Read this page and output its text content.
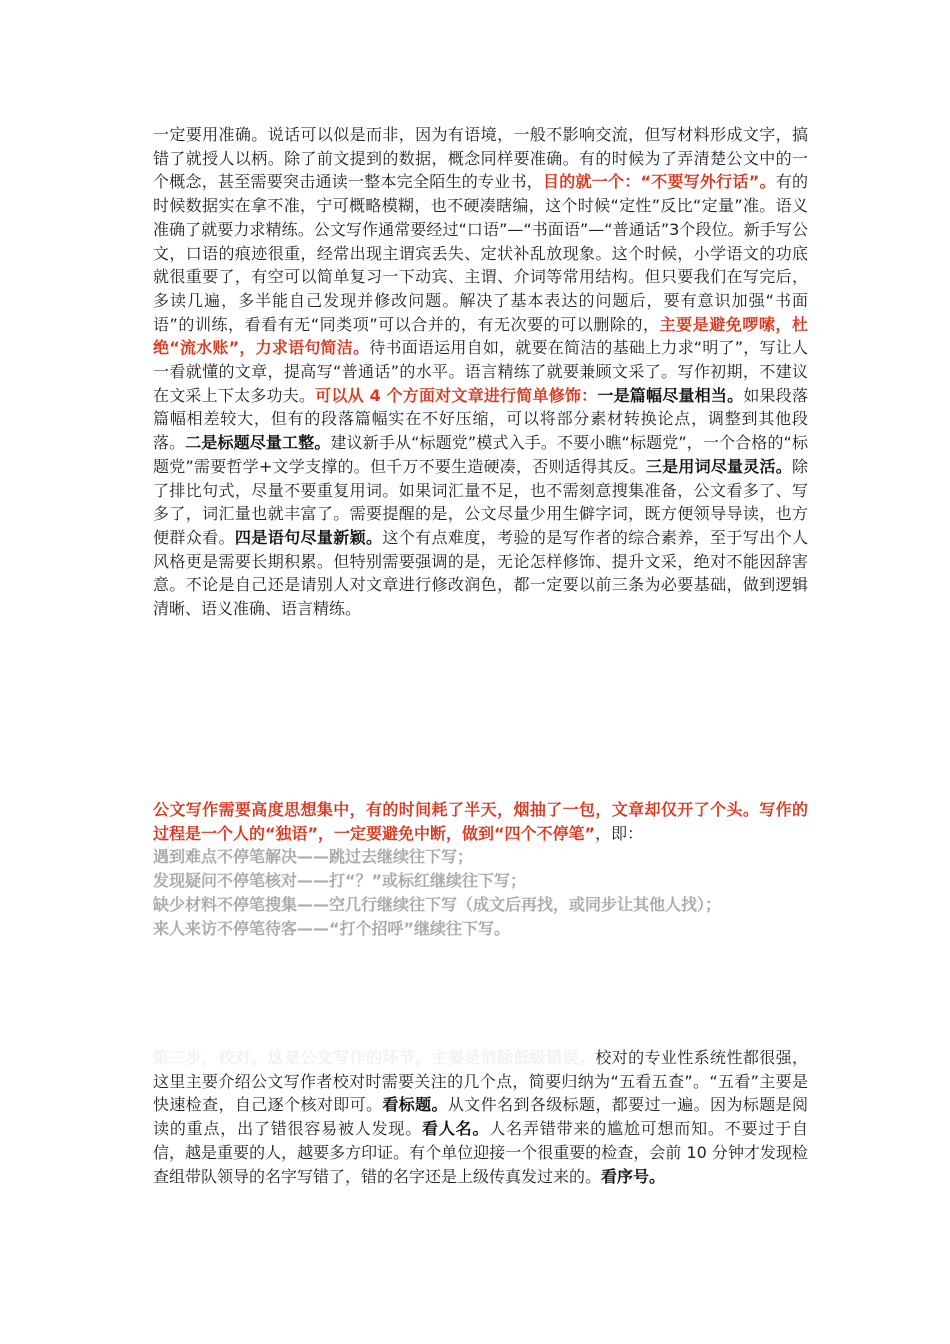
一定要用准确。说话可以似是而非，因为有语境，一般不影响交流，但写材料形成文字，搞错了就授人以柄。除了前文提到的数据，概念同样要准确。有的时候为了弄清楚公文中的一个概念，甚至需要突击通读一整本完全陌生的专业书，目的就一个：“不要写外行话”。有的时候数据实在拿不准，宁可概略模糊，也不硬凑瞎编，这个时候“定性”反比“定量”准。语义准确了就要力求精练。公文写作通常要经过“口语”—“书面语”—“普通话”3个段位。新手写公文，口语的痕迹很重，经常出现主谓宾丢失、定状补乱放现象。这个时候，小学语文的功底就很重要了，有空可以简单复习一下动宾、主谓、介词等常用结构。但只要我们在写完后，多读几遍，多半能自己发现并修改问题。解决了基本表达的问题后，要有意识加强“书面语”的训练，看看有无“同类项”可以合并的，有无次要的可以删除的，主要是避免啰嗦，杜绝“流水账”，力求语句简洁。待书面语运用自如，就要在简洁的基础上力求“明了”，写让人一看就懂的文章，提高写“普通话”的水平。语言精练了就要兼顾文采了。写作初期，不建议在文采上下太多功夫。可以从 4 个方面对文章进行简单修饰：一是篇幅尽量相当。如果段落篇幅相差较大，但有的段落篇幅实在不好压缩，可以将部分素材转换论点，调整到其他段落。二是标题尽量工整。建议新手从“标题党”模式入手。不要小瞧“标题党”，一个合格的“标题党”需要哲学+文学支撑的。但千万不要生造硬凑，否则适得其反。三是用词尽量灵活。除了排比句式，尽量不要重复用词。如果词汇量不足，也不需刻意搜集准备，公文看多了、写多了，词汇量也就丰富了。需要提醒的是，公文尽量少用生僻字词，既方便领导导读，也方便群众看。四是语句尽量新颖。这个有点难度，考验的是写作者的综合素养，至于写出个人风格更是需要长期积累。但特别需要强调的是，无论怎样修饰、提升文采，绝对不能因辞害意。不论是自己还是请别人对文章进行修改润色，都一定要以前三条为必要基础，做到逻辑清晰、语义准确、语言精练。
公文写作需要高度思想集中，有的时间耗了半天，烟抽了一包，文章却仅开了个头。写作的过程是一个人的“独语”，一定要避免中断，做到“四个不停笔”，即：
遇到难点不停笔解决——跳过去继续往下写；
发现疑问不停笔核对——打“？”或标红继续往下写；
缺少材料不停笔搜集——空几行继续往下写（成文后再找，或同步让其他人找）；
来人来访不停笔待客——“打个招呼”继续往下写。
第三步，校对。这是公文写作的环节，主要是消除低级错误。校对的专业性系统性都很强，这里主要介绍公文写作者校对时需要关注的几个点，简要归纳为“五看五查”。“五看”主要是快速检查，自己逐个核对即可。看标题。从文件名到各级标题，都要过一遍。因为标题是阅读的重点，出了错很容易被人发现。看人名。人名弄错带来的尴尬可想而知。不要过于自信，越是重要的人，越要多方印证。有个单位迎接一个很重要的检查，会前 10 分钟才发现检查组带队领导的名字写错了，错的名字还是上级传真发过来的。看序号。
